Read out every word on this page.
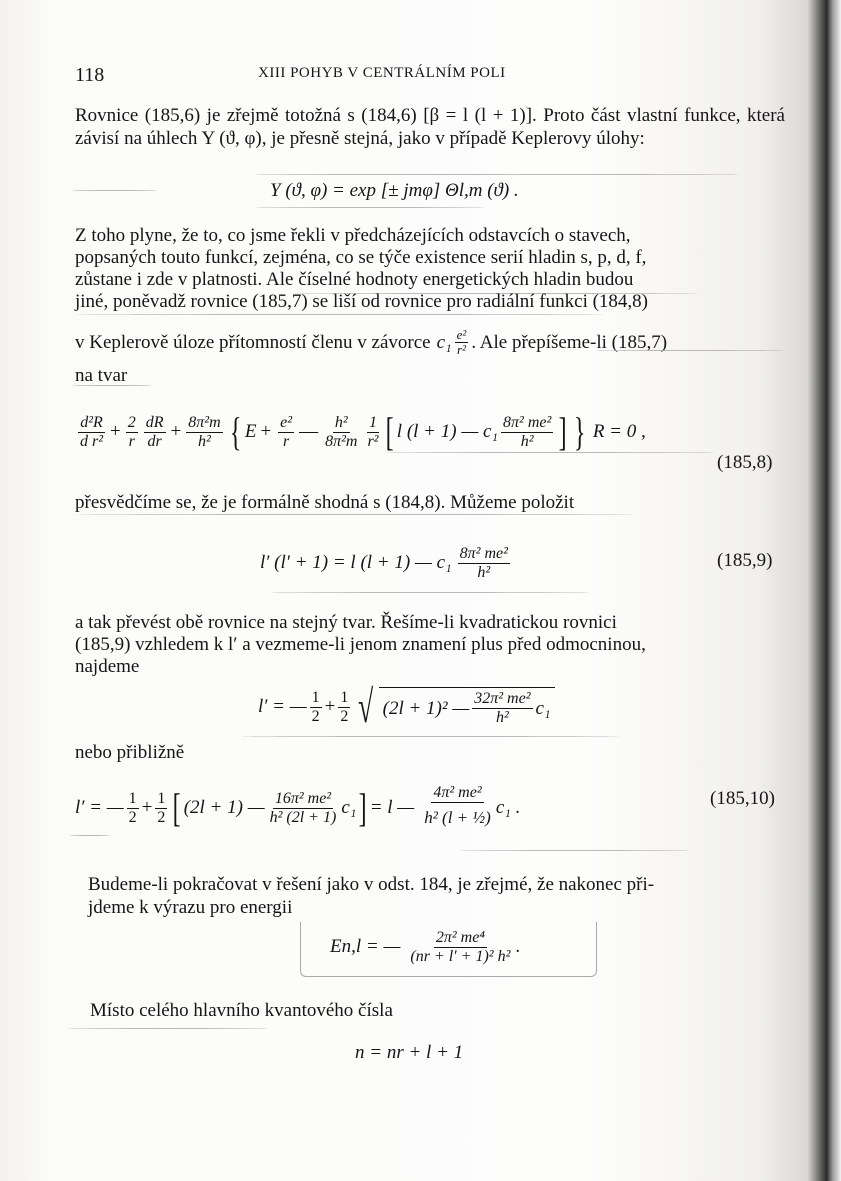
118	XIII POHYB V CENTRÁLNÍM POLI
Rovnice (185,6) je zřejmě totožná s (184,6) [β = l (l + 1)]. Proto část vlastní funkce, která závisí na úhlech Y (ϑ, φ), je přesně stejná, jako v případě Keplerovy úlohy:
Y (ϑ, φ) = exp [± jmφ] Θl,m (ϑ) .
Z toho plyne, že to, co jsme řekli v předcházejících odstavcích o stavech,
popsaných touto funkcí, zejména, co se týče existence serií hladin s, p, d, f,
zůstane i zde v platnosti. Ale číselné hodnoty energetických hladin budou
jiné, poněvadž rovnice (185,7) se liší od rovnice pro radiální funkci (184,8)
v Keplerově úloze přítomností členu v závorce $c_1 \frac{\text{e²}}{\text{r²}}$ . Ale přepíšeme-li (185,7)
na tvar
$\frac{\text{d²R}}{\text{d r²}} + \frac{2}{r} \frac{dR}{dr} + \frac{\text{8π²m}}{\text{h²}}$ { $E + \frac{\text{e²}}{r}$ — $\frac{\text{h²}}{\text{8π²m}} \frac{1}{\text{r²}}$ [ l (l + 1) — $c_1 \frac{\text{8π² me²}}{\text{h²}}$ ] } R = 0 ,
(185,8)
přesvědčíme se, že je formálně shodná s (184,8). Můžeme položit
l′ (l′ + 1) = l (l + 1) — $c_1 \frac{\text{8π² me²}}{\text{h²}}$	(185,9)
a tak převést obě rovnice na stejný tvar. Řešíme-li kvadratickou rovnici
(185,9) vzhledem k l′ a vezmeme-li jenom znamení plus před odmocninou,
najdeme
l′ = — $\frac{1}{2} + \frac{1}{2}$ √ (2l + 1)² — $\frac{\text{32π² me²}}{\text{h²}} c_1$
nebo přibližně
l′ = — $\frac{1}{2} + \frac{1}{2}$ [ (2l + 1) — $\frac{\text{16π² me²}}{\text{h² (2l + 1)}} c_1$ ] = l — $\frac{\text{4π² me²}}{\text{h² (l + ½)}} c_1$ .	(185,10)
Budeme-li pokračovat v řešení jako v odst. 184, je zřejmé, že nakonec při-
jdeme k výrazu pro energii
En,l = — $\frac{\text{2π² me⁴}}{\text{(nr + l′ + 1)² h²}}$ .
Místo celého hlavního kvantového čísla
n = nr + l + 1
